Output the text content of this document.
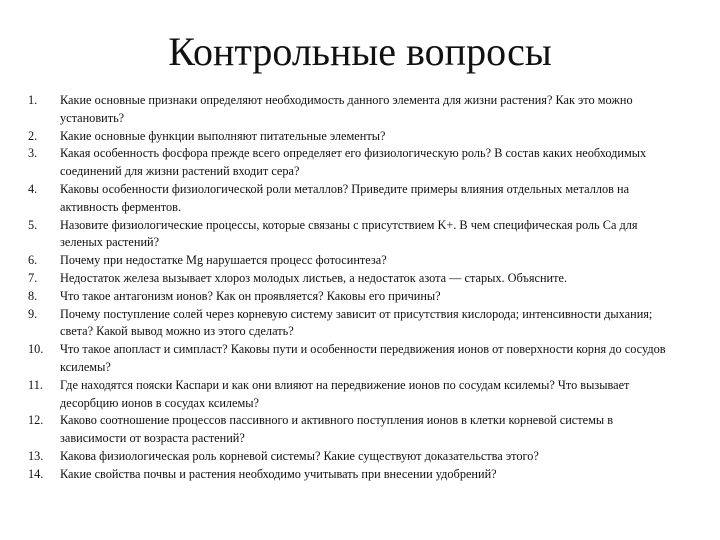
Контрольные вопросы
1.	Какие основные признаки определяют необходимость данного элемента для жизни растения? Как это можно установить?
2.	Какие основные функции выполняют питательные элементы?
3.	Какая особенность фосфора прежде всего определяет его физиологическую роль? В состав каких необходимых соединений для жизни растений входит сера?
4.	Каковы особенности физиологической роли металлов? Приведите примеры влияния отдельных металлов на активность ферментов.
5.	Назовите физиологические процессы, которые связаны с присутствием K+. В чем специфическая роль Са для зеленых растений?
6.	Почему при недостатке Mg нарушается процесс фотосинтеза?
7.	Недостаток железа вызывает хлороз молодых листьев, а недостаток азота — старых. Объясните.
8.	Что такое антагонизм ионов? Как он проявляется? Каковы его причины?
9.	Почему поступление солей через корневую систему зависит от присутствия кислорода; интенсивности дыхания; света? Какой вывод можно из этого сделать?
10.	Что такое апопласт и симпласт? Каковы пути и особенности передвижения ионов от поверхности корня до сосудов ксилемы?
11.	Где находятся пояски Каспари и как они влияют на передвижение ионов по сосудам ксилемы? Что вызывает десорбцию ионов в сосудах ксилемы?
12.	Каково соотношение процессов пассивного и активного поступления ионов в клетки корневой системы в зависимости от возраста растений?
13.	Какова физиологическая роль корневой системы? Какие существуют доказательства этого?
14.	Какие свойства почвы и растения необходимо учитывать при внесении удобрений?
